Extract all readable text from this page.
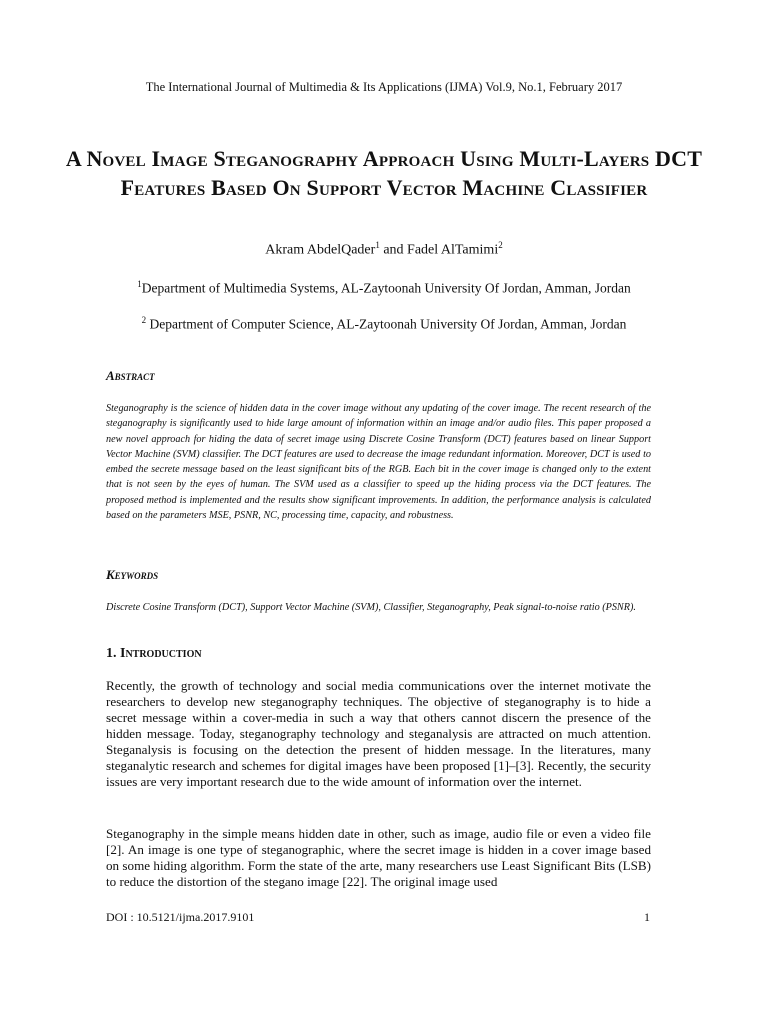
The International Journal of Multimedia & Its Applications (IJMA) Vol.9, No.1, February 2017
A Novel Image Steganography Approach Using Multi-Layers DCT Features Based On Support Vector Machine Classifier
Akram AbdelQader$^1$ and Fadel AlTamimi$^2$
$^1$Department of Multimedia Systems, AL-Zaytoonah University Of Jordan, Amman, Jordan
$^2$ Department of Computer Science, AL-Zaytoonah University Of Jordan, Amman, Jordan
Abstract
Steganography is the science of hidden data in the cover image without any updating of the cover image. The recent research of the steganography is significantly used to hide large amount of information within an image and/or audio files. This paper proposed a new novel approach for hiding the data of secret image using Discrete Cosine Transform (DCT) features based on linear Support Vector Machine (SVM) classifier. The DCT features are used to decrease the image redundant information. Moreover, DCT is used to embed the secrete message based on the least significant bits of the RGB. Each bit in the cover image is changed only to the extent that is not seen by the eyes of human. The SVM used as a classifier to speed up the hiding process via the DCT features. The proposed method is implemented and the results show significant improvements. In addition, the performance analysis is calculated based on the parameters MSE, PSNR, NC, processing time, capacity, and robustness.
Keywords
Discrete Cosine Transform (DCT), Support Vector Machine (SVM), Classifier, Steganography, Peak signal-to-noise ratio (PSNR).
1. Introduction
Recently, the growth of technology and social media communications over the internet motivate the researchers to develop new steganography techniques. The objective of steganography is to hide a secret message within a cover-media in such a way that others cannot discern the presence of the hidden message. Today, steganography technology and steganalysis are attracted on much attention. Steganalysis is focusing on the detection the present of hidden message. In the literatures, many steganalytic research and schemes for digital images have been proposed [1]–[3]. Recently, the security issues are very important research due to the wide amount of information over the internet.
Steganography in the simple means hidden date in other, such as image, audio file or even a video file [2]. An image is one type of steganographic, where the secret image is hidden in a cover image based on some hiding algorithm. Form the state of the arte, many researchers use Least Significant Bits (LSB) to reduce the distortion of the stegano image [22]. The original image used
DOI : 10.5121/ijma.2017.9101	1
